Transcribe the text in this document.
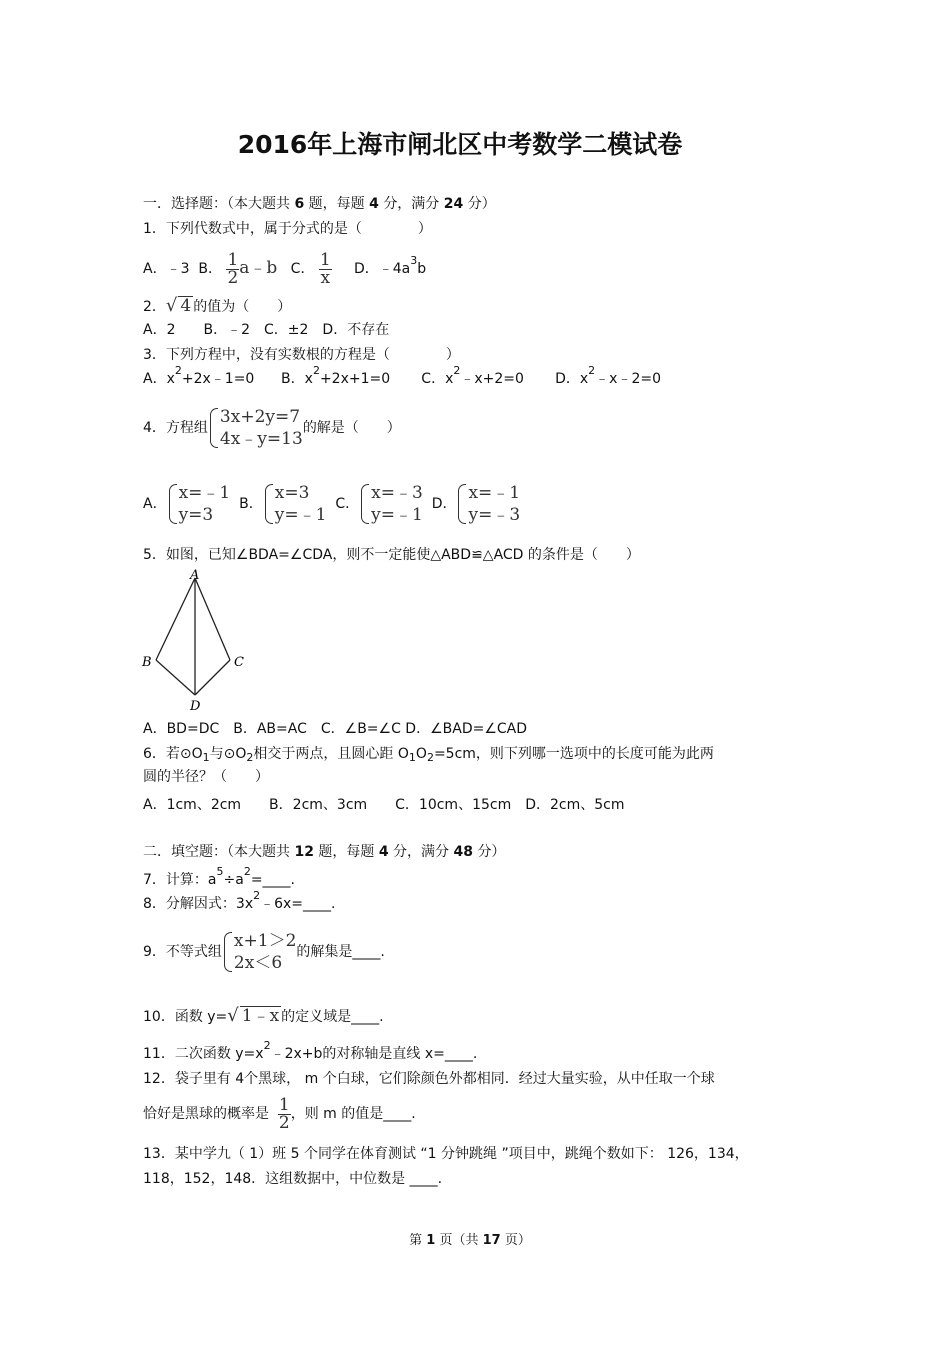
2016年上海市闸北区中考数学二模试卷
一．选择题：（本大题共 6 题，每题 4 分，满分 24 分）
1．下列代数式中，属于分式的是（　　　　）
A．﹣3 B． $\frac{1}{2}$ a﹣b C． $\frac{1}{x}$ D．$﹣4a^3b$
2．√ 4 的值为（　　）
A．2　　B．﹣2　C．±2　D．不存在
3．下列方程中，没有实数根的方程是（　　　　）
A．$x^2+2x﹣1=0$ B．$x^2+2x+1=0$ C．$x^2﹣x+2=0$ D．$x^2﹣x﹣2=0$
4．方程组
3x+2y=7
4x﹣y=13
的解是（　　）
A．
x=﹣1
y=3
B．
x=3
y=﹣1
C．
x=﹣3
y=﹣1
D．
x=﹣1
y=﹣3
5．如图，已知∠BDA=∠CDA，则不一定能使△ABD≌△ACD 的条件是（　　）
A
B	C
D
A．BD=DC　B．AB=AC　C．∠B=∠C D．∠BAD=∠CAD
6．若$⊙O_1$与$⊙O_2$相交于两点，且圆心距 $O_1O_2=5cm$，则下列哪一选项中的长度可能为此两
圆的半径？（　　）
A．1cm、2cm　　B．2cm、3cm　　C．10cm、15cm　D．2cm、5cm
二．填空题：（本大题共 12 题，每题 4 分，满分 48 分）
7．计算：$a^5\div a^2=\_\_\_\_$.
8．分解因式：$3x^2﹣6x=\_\_\_\_$.
9．不等式组
x+1＞2
2x＜6
的解集是____.
10．函数 y=√ 1﹣x 的定义域是____.
11．二次函数 $y=x^2﹣2x+b$的对称轴是直线 x=____.
12．袋子里有 4个黑球， m 个白球，它们除颜色外都相同．经过大量实验，从中任取一个球
恰好是黑球的概率是 $\frac{1}{2}$ ，则 m 的值是____.
13．某中学九（ 1）班 5 个同学在体育测试 “1 分钟跳绳 ”项目中，跳绳个数如下： 126，134，
118，152，148．这组数据中，中位数是 ____.
第 1 页（共 17 页）
